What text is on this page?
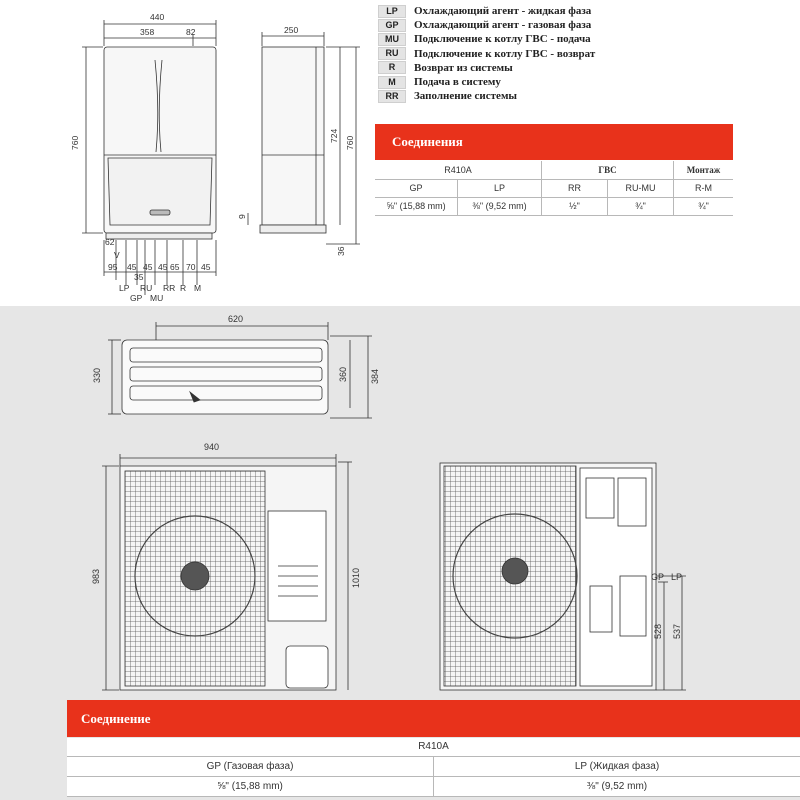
440
358	82	250
760	724 760
9
36
62
V
95 45 45 45 65 70 45
35
LP RU RR R M
GP MU
LP	Охлаждающий агент - жидкая фаза
GP	Охлаждающий агент - газовая фаза
MU	Подключение к котлу ГВС - подача
RU	Подключение к котлу ГВС - возврат
R	Возврат из системы
M	Подача в систему
RR	Заполнение системы
Соединения
R410A		ГВС		Монтаж
GP	LP	RR	RU-MU	R-M
⅝" (15,88 mm)	⅜" (9,52 mm)	½"	¾"	¾"
620
330	360 384
940
983	1010	GP LP
528 537
Соединение
R410A	
GP (Газовая фаза)	LP (Жидкая фаза)
⅝" (15,88 mm)	⅜" (9,52 mm)
